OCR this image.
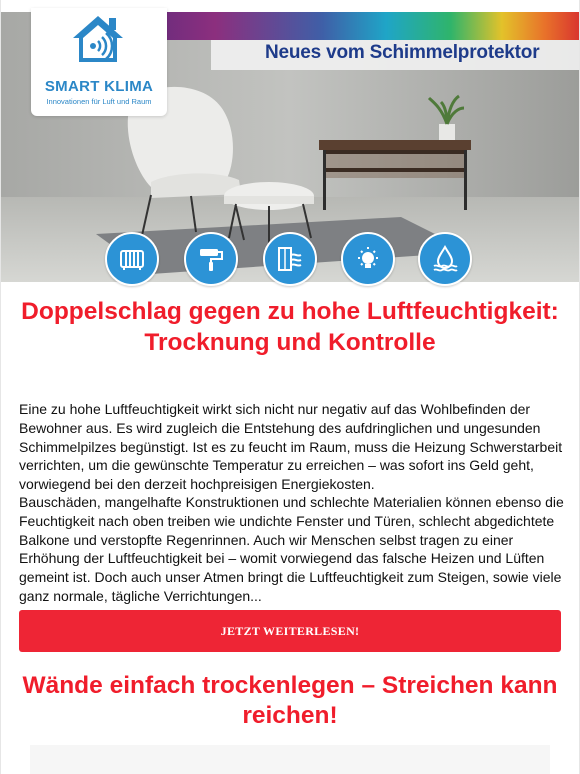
Neues vom Schimmelprotektor
SMART KLIMA
Innovationen für Luft und Raum
Doppelschlag gegen zu hohe Luftfeuchtigkeit: Trocknung und Kontrolle

Eine zu hohe Luftfeuchtigkeit wirkt sich nicht nur negativ auf das Wohlbefinden der Bewohner aus. Es wird zugleich die Entstehung des aufdringlichen und ungesunden Schimmelpilzes begünstigt. Ist es zu feucht im Raum, muss die Heizung Schwerstarbeit verrichten, um die gewünschte Temperatur zu erreichen – was sofort ins Geld geht, vorwiegend bei den derzeit hochpreisigen Energiekosten.

Bauschäden, mangelhafte Konstruktionen und schlechte Materialien können ebenso die Feuchtigkeit nach oben treiben wie undichte Fenster und Türen, schlecht abgedichtete Balkone und verstopfte Regenrinnen. Auch wir Menschen selbst tragen zu einer Erhöhung der Luftfeuchtigkeit bei – womit vorwiegend das falsche Heizen und Lüften gemeint ist. Doch auch unser Atmen bringt die Luftfeuchtigkeit zum Steigen, sowie viele ganz normale, tägliche Verrichtungen...

JETZT WEITERLESEN!
Wände einfach trockenlegen – Streichen kann reichen!
